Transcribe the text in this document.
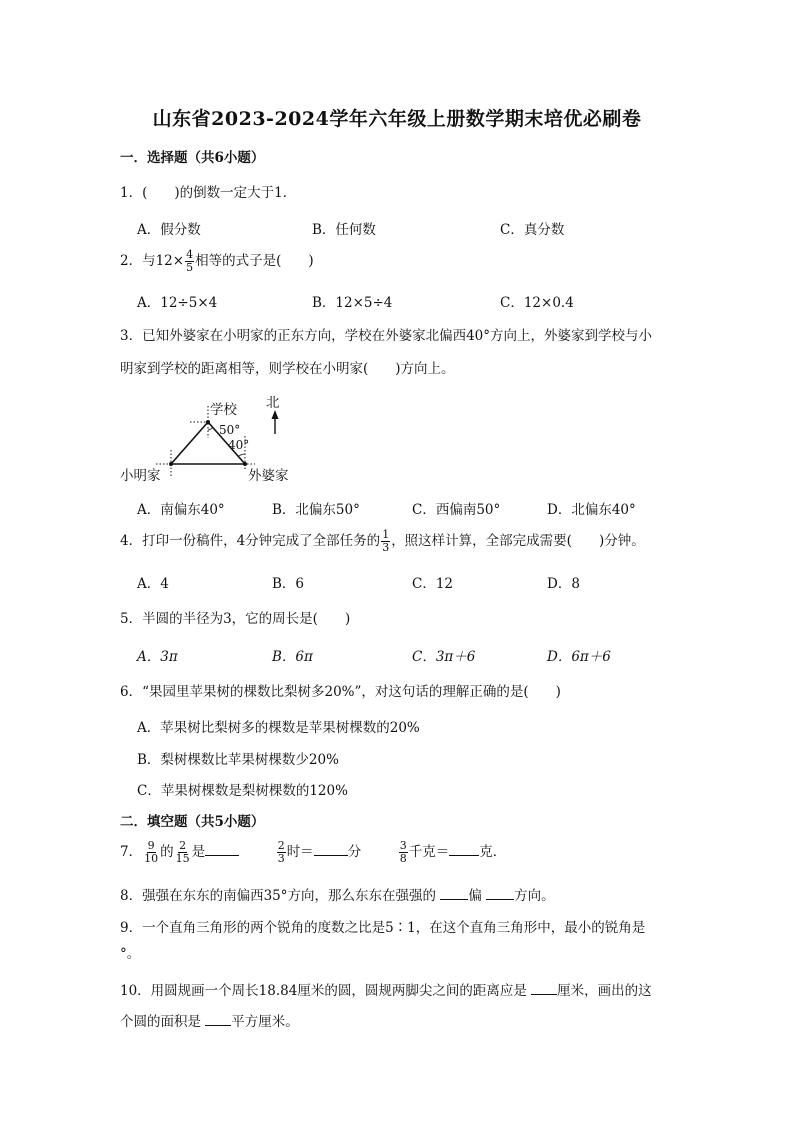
山东省2023-2024学年六年级上册数学期末培优必刷卷
一．选择题（共6小题）
1．(　　)的倒数一定大于1．
A．假分数	B．任何数	C．真分数
2．与$12\times \frac{4}{5}$ 相等的式子是(　　)
A．12÷5×4	B．12×5÷4	C．12×0.4
3．已知外婆家在小明家的正东方向，学校在外婆家北偏西40°方向上，外婆家到学校与小
明家到学校的距离相等，则学校在小明家(　　)方向上。
学校 北
50°
40°
小明家	外婆家
A．南偏东40°	B．北偏东50°	C．西偏南50°	D．北偏东40°
4．打印一份稿件，4分钟完成了全部任务的 $\frac{1}{3}$ ，照这样计算，全部完成需要(　　)分钟。
A．4	B．6	C．12	D．8
5．半圆的半径为3，它的周长是(　　)
A．3π	B．6π	C．3π＋6	D．6π＋6
6．“果园里苹果树的棵数比梨树多20%”，对这句话的理解正确的是(　　)
A．苹果树比梨树多的棵数是苹果树棵数的20%
B．梨树棵数比苹果树棵数少20%
C．苹果树棵数是梨树棵数的120%
二．填空题（共5小题）
7． $\frac{9}{10}$ 的 $\frac{2}{15}$ 是	$\frac{2}{3}$ 时＝	分	$\frac{3}{8}$ 千克＝ 克．
8．强强在东东的南偏西35°方向，那么东东在强强的 偏 方向。
9．一个直角三角形的两个锐角的度数之比是5∶1，在这个直角三角形中，最小的锐角是
°。
10．用圆规画一个周长18.84厘米的圆，圆规两脚尖之间的距离应是 厘米，画出的这
个圆的面积是 平方厘米。
